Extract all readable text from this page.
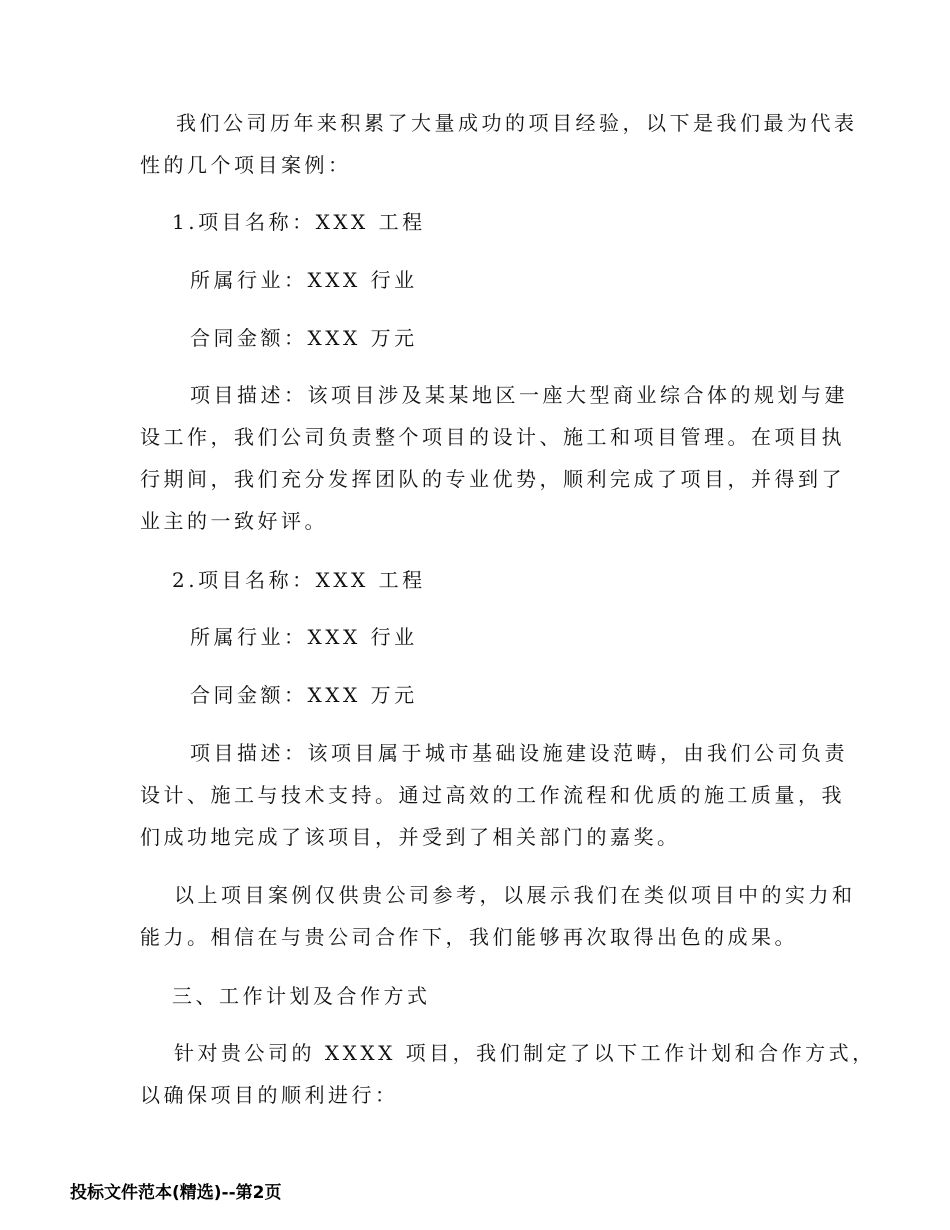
我们公司历年来积累了大量成功的项目经验，以下是我们最为代表
性的几个项目案例：

1.项目名称：XXX 工程

所属行业：XXX 行业

合同金额：XXX 万元

项目描述：该项目涉及某某地区一座大型商业综合体的规划与建
设工作，我们公司负责整个项目的设计、施工和项目管理。在项目执
行期间，我们充分发挥团队的专业优势，顺利完成了项目，并得到了
业主的一致好评。

2.项目名称：XXX 工程

所属行业：XXX 行业

合同金额：XXX 万元

项目描述：该项目属于城市基础设施建设范畴，由我们公司负责
设计、施工与技术支持。通过高效的工作流程和优质的施工质量，我
们成功地完成了该项目，并受到了相关部门的嘉奖。

以上项目案例仅供贵公司参考，以展示我们在类似项目中的实力和
能力。相信在与贵公司合作下，我们能够再次取得出色的成果。

三、工作计划及合作方式

针对贵公司的 XXXX 项目，我们制定了以下工作计划和合作方式，
以确保项目的顺利进行：

投标文件范本(精选)--第2页
